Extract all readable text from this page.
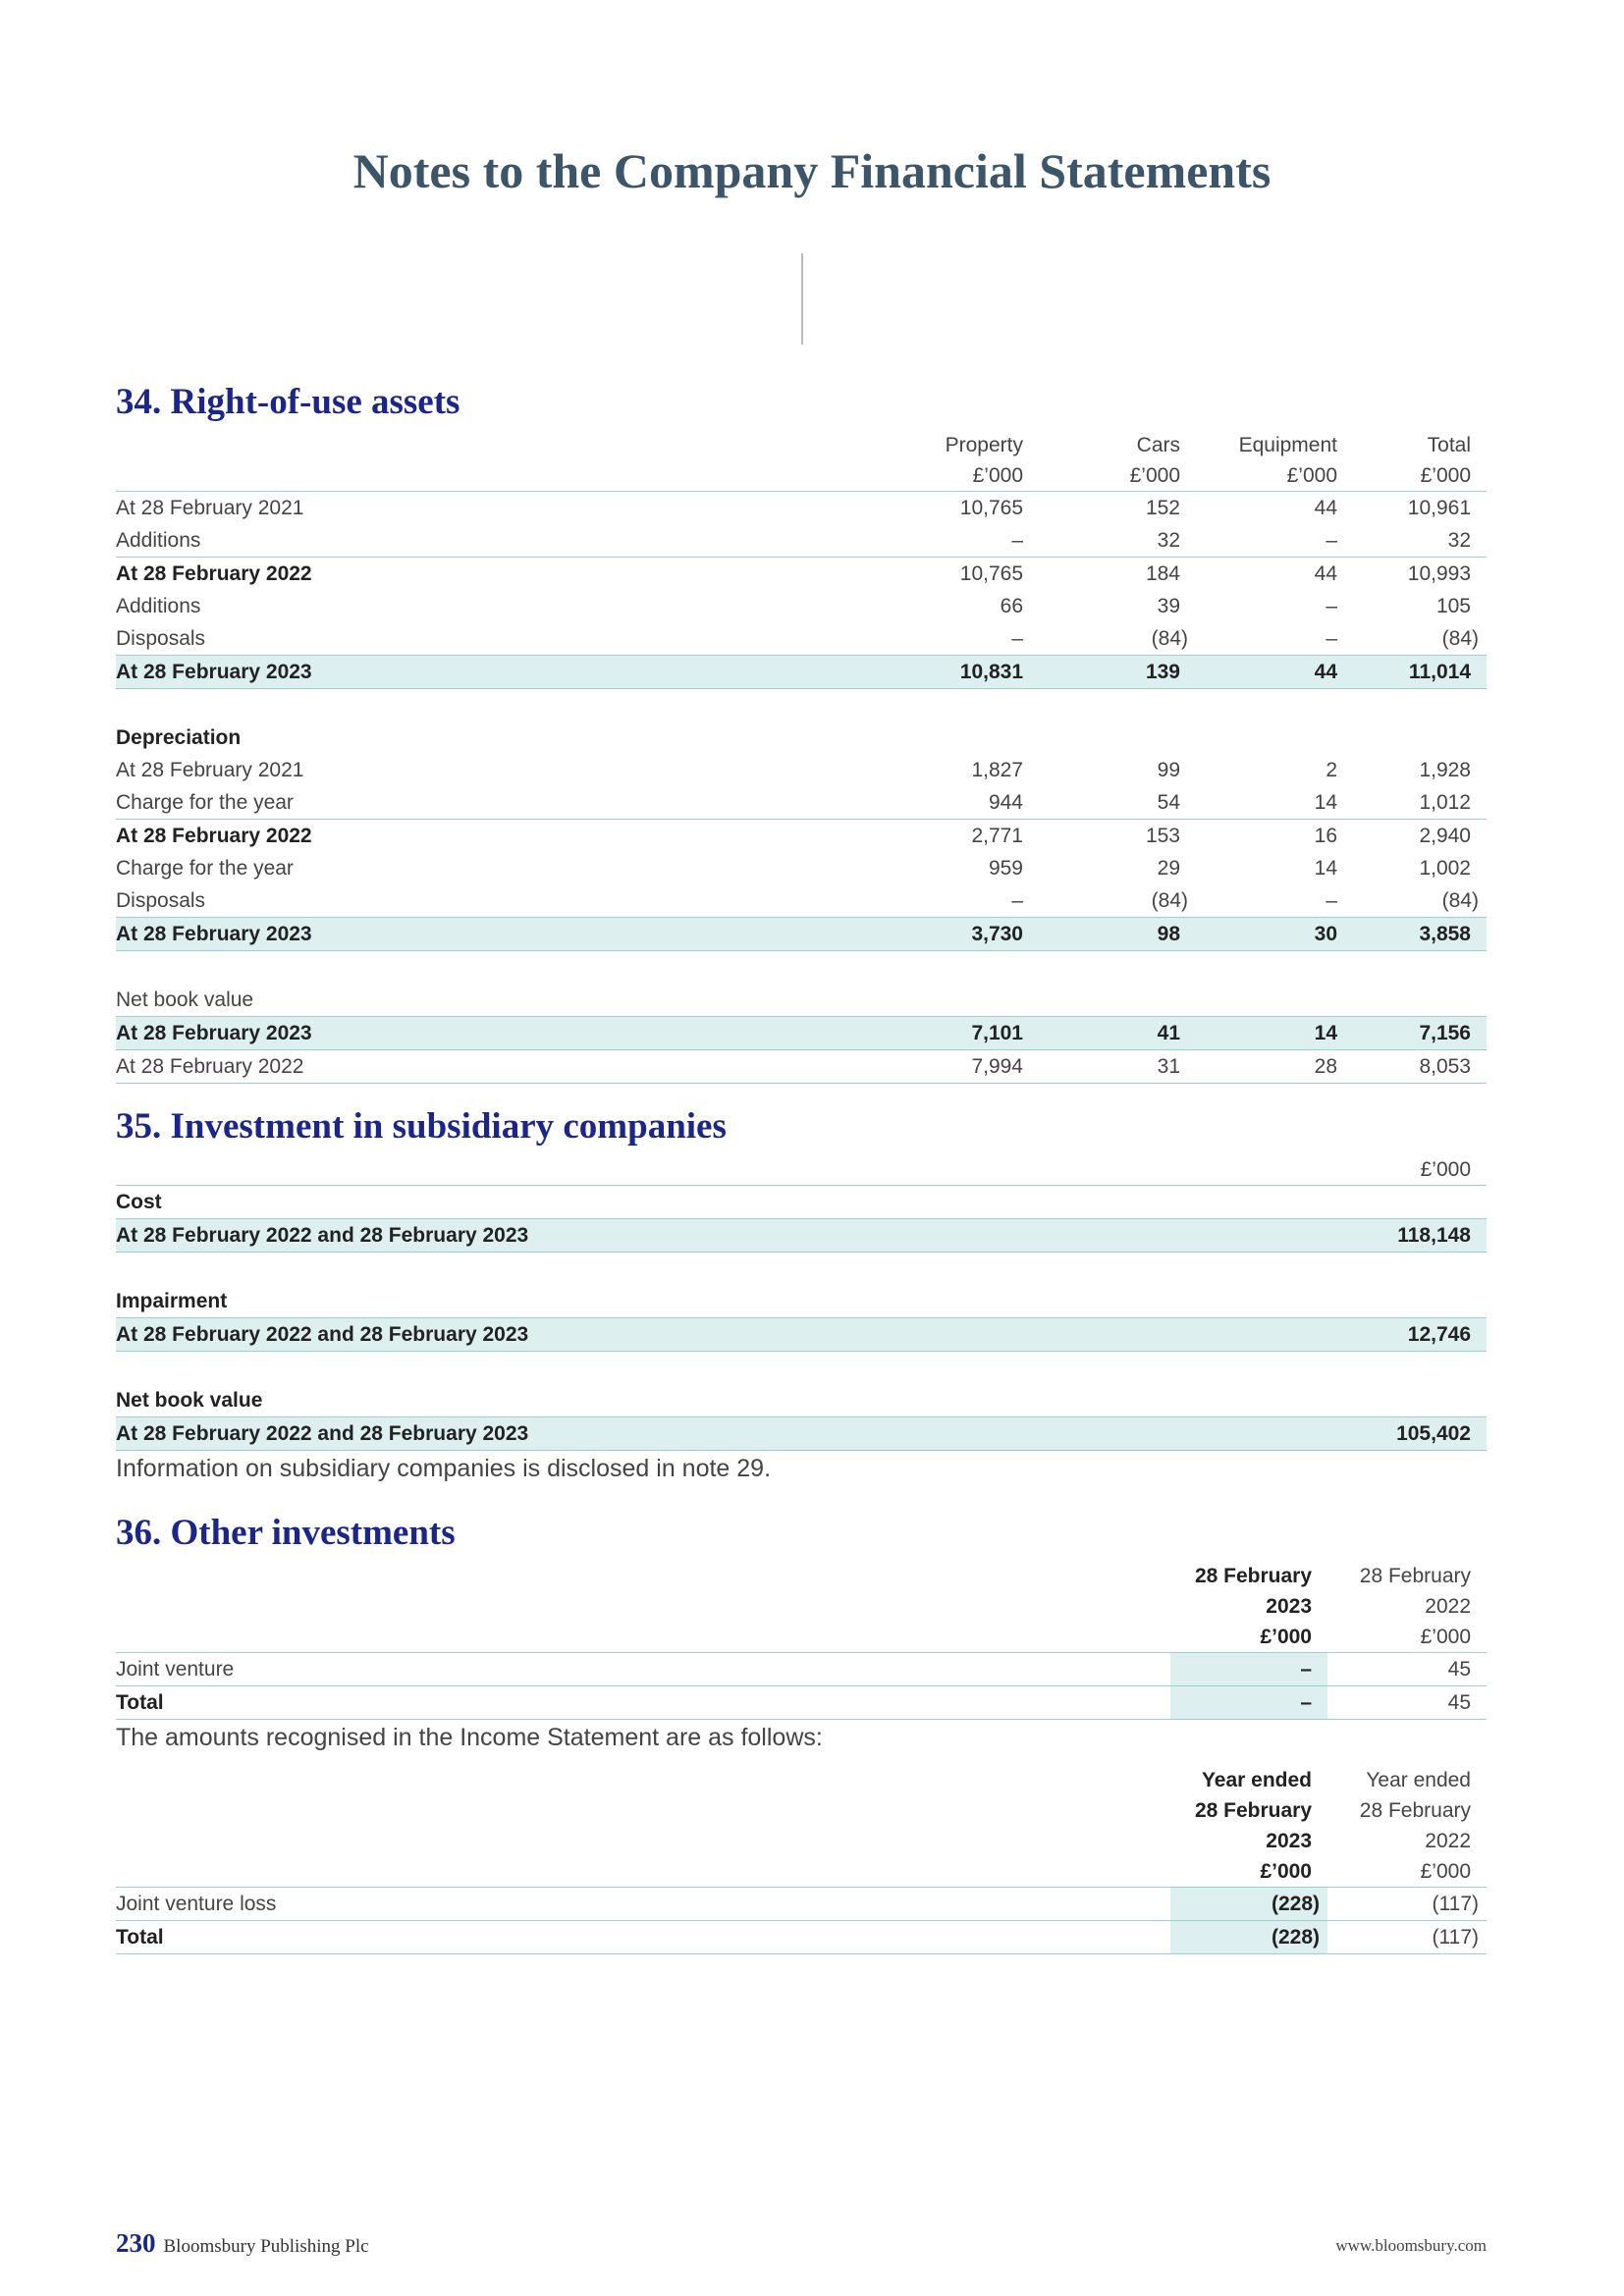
Notes to the Company Financial Statements
34. Right-of-use assets
	Property	Cars	Equipment	Total
	£’000	£’000	£’000	£’000
At 28 February 2021	10,765	152	44	10,961
Additions	–	32	–	32
At 28 February 2022	10,765	184	44	10,993
Additions	66	39	–	105
Disposals	–	(84)	–	(84)
At 28 February 2023	10,831	139	44	11,014

Depreciation				
At 28 February 2021	1,827	99	2	1,928
Charge for the year	944	54	14	1,012
At 28 February 2022	2,771	153	16	2,940
Charge for the year	959	29	14	1,002
Disposals	–	(84)	–	(84)
At 28 February 2023	3,730	98	30	3,858

Net book value				
At 28 February 2023	7,101	41	14	7,156
At 28 February 2022	7,994	31	28	8,053
35. Investment in subsidiary companies
	£’000
Cost	
At 28 February 2022 and 28 February 2023	118,148

Impairment	
At 28 February 2022 and 28 February 2023	12,746

Net book value	
At 28 February 2022 and 28 February 2023	105,402

Information on subsidiary companies is disclosed in note 29.

36. Other investments
	28 February	28 February
	2023	2022
	£’000	£’000
Joint venture	–	45
Total	–	45

The amounts recognised in the Income Statement are as follows:

	Year ended	Year ended
	28 February	28 February
	2023	2022
	£’000	£’000
Joint venture loss	(228)	(117)
Total	(228)	(117)
230 Bloomsbury Publishing Plc	www.bloomsbury.com
